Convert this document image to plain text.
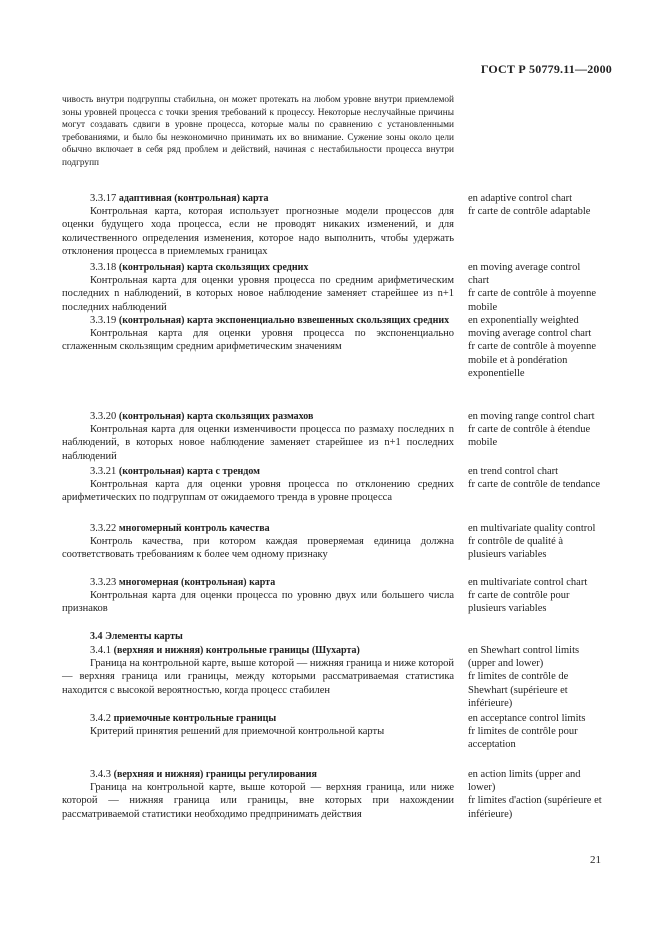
ГОСТ Р 50779.11—2000

чивость внутри подгруппы стабильна, он может протекать на любом уровне внутри приемлемой зоны уровней процесса с точки зрения требований к процессу. Некоторые неслучайные причины могут создавать сдвиги в уровне процесса, которые малы по сравнению с установленными требованиями, и было бы неэкономично принимать их во внимание. Сужение зоны около цели обычно включает в себя ряд проблем и действий, начиная с нестабильности процесса внутри подгрупп

3.3.17 адаптивная (контрольная) карта

Контрольная карта, которая использует прогнозные модели процессов для оценки будущего хода процесса, если не проводят никаких изменений, и для количественного определения изменения, которое надо выполнить, чтобы удержать отклонения процесса в приемлемых границах

en adaptive control chart
fr carte de contrôle adaptable

3.3.18 (контрольная) карта скользящих средних

Контрольная карта для оценки уровня процесса по средним арифметическим последних n наблюдений, в которых новое наблюдение заменяет старейшее из n+1 последних наблюдений

en moving average control chart
fr carte de contrôle à moyenne mobile

3.3.19 (контрольная) карта экспоненциально взвешенных скользящих средних

Контрольная карта для оценки уровня процесса по экспоненциально сглаженным скользящим средним арифметическим значениям

en exponentially weighted moving average control chart
fr carte de contrôle à moyenne mobile et à pondération exponentielle

3.3.20 (контрольная) карта скользящих размахов

Контрольная карта для оценки изменчивости процесса по размаху последних n наблюдений, в которых новое наблюдение заменяет старейшее из n+1 последних наблюдений

en moving range control chart
fr carte de contrôle à étendue mobile

3.3.21 (контрольная) карта с трендом

Контрольная карта для оценки уровня процесса по отклонению средних арифметических по подгруппам от ожидаемого тренда в уровне процесса

en trend control chart
fr carte de contrôle de tendance

3.3.22 многомерный контроль качества

Контроль качества, при котором каждая проверяемая единица должна соответствовать требованиям к более чем одному признаку

en multivariate quality control
fr contrôle de qualité à plusieurs variables

3.3.23 многомерная (контрольная) карта

Контрольная карта для оценки процесса по уровню двух или большего числа признаков

en multivariate control chart
fr carte de contrôle pour plusieurs variables

3.4 Элементы карты

3.4.1 (верхняя и нижняя) контрольные границы (Шухарта)

Граница на контрольной карте, выше которой — нижняя граница и ниже которой — верхняя граница или границы, между которыми рассматриваемая статистика находится с высокой вероятностью, когда процесс стабилен

en Shewhart control limits (upper and lower)
fr limites de contrôle de Shewhart (supérieure et inférieure)

3.4.2 приемочные контрольные границы

Критерий принятия решений для приемочной контрольной карты

en acceptance control limits
fr limites de contrôle pour acceptation

3.4.3 (верхняя и нижняя) границы регулирования

Граница на контрольной карте, выше которой — верхняя граница, или ниже которой — нижняя граница или границы, вне которых при нахождении рассматриваемой статистики необходимо предпринимать действия

en action limits (upper and lower)
fr limites d'action (supérieure et inférieure)
21
